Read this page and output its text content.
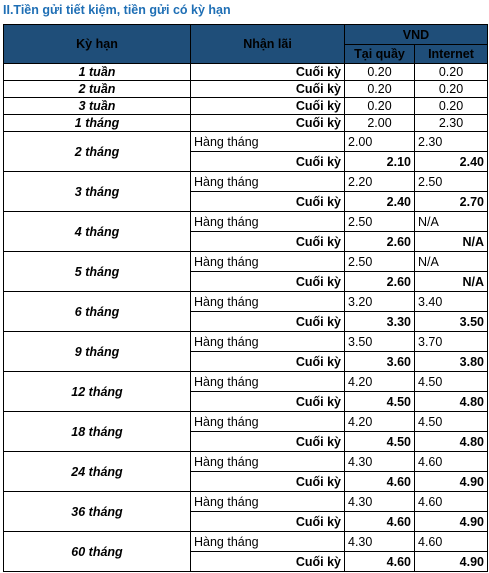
II.Tiền gửi tiết kiệm, tiền gửi có kỳ hạn
Kỳ hạn	Nhận lãi	VND	
		Tại quầy	Internet
1 tuần	Cuối kỳ	0.20	0.20
2 tuần	Cuối kỳ	0.20	0.20
3 tuần	Cuối kỳ	0.20	0.20
1 tháng	Cuối kỳ	2.00	2.30
2 tháng	Hàng tháng	2.00	2.30
	Cuối kỳ	2.10	2.40
3 tháng	Hàng tháng	2.20	2.50
	Cuối kỳ	2.40	2.70
4 tháng	Hàng tháng	2.50	N/A
	Cuối kỳ	2.60	N/A
5 tháng	Hàng tháng	2.50	N/A
	Cuối kỳ	2.60	N/A
6 tháng	Hàng tháng	3.20	3.40
	Cuối kỳ	3.30	3.50
9 tháng	Hàng tháng	3.50	3.70
	Cuối kỳ	3.60	3.80
12 tháng	Hàng tháng	4.20	4.50
	Cuối kỳ	4.50	4.80
18 tháng	Hàng tháng	4.20	4.50
	Cuối kỳ	4.50	4.80
24 tháng	Hàng tháng	4.30	4.60
	Cuối kỳ	4.60	4.90
36 tháng	Hàng tháng	4.30	4.60
	Cuối kỳ	4.60	4.90
60 tháng	Hàng tháng	4.30	4.60
	Cuối kỳ	4.60	4.90
